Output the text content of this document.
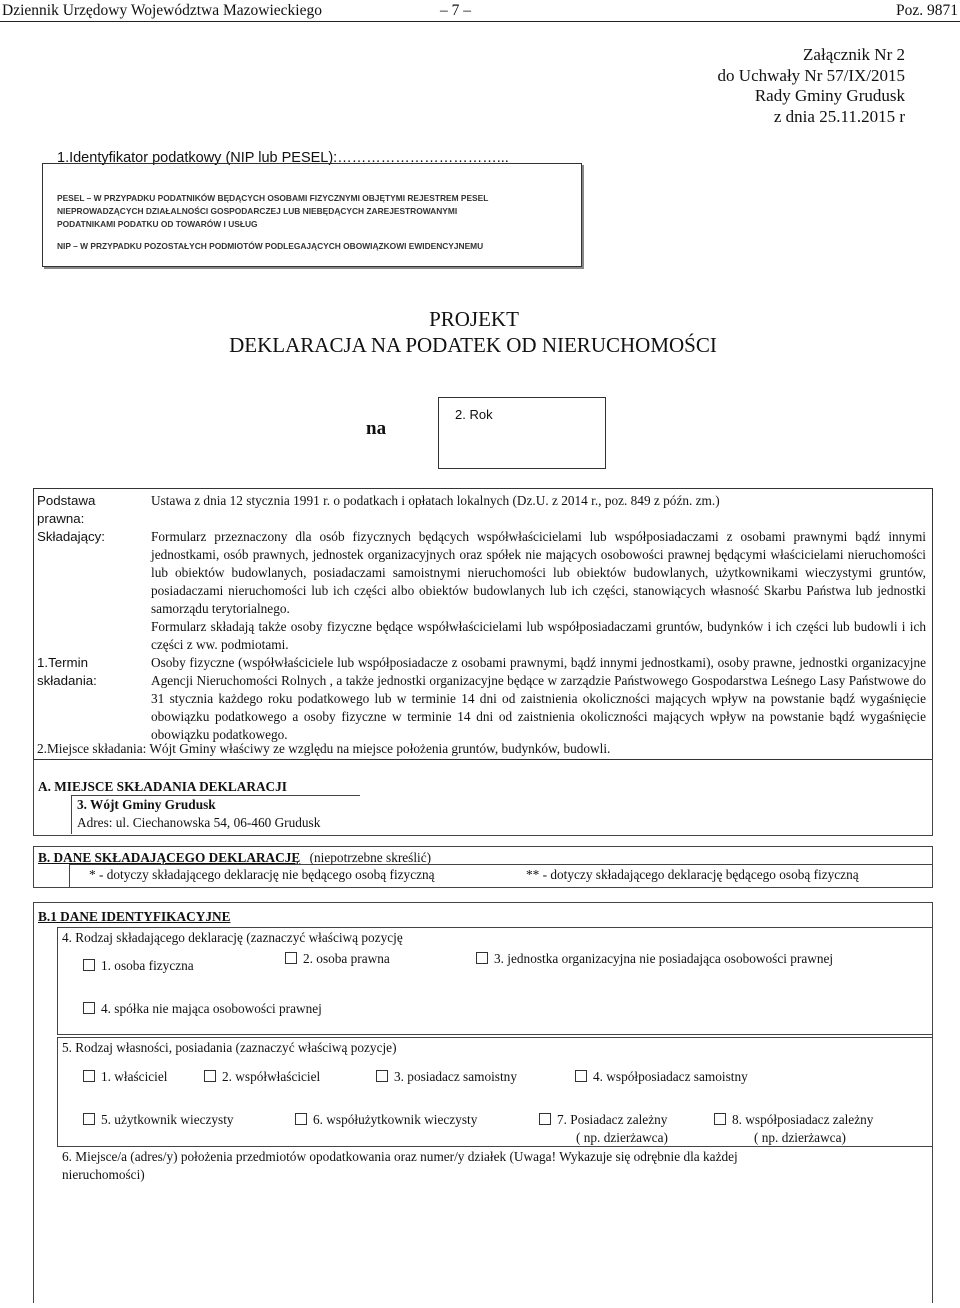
Dziennik Urzędowy Województwa Mazowieckiego	– 7 –	Poz. 9871
Załącznik Nr 2
do Uchwały Nr 57/IX/2015
Rady Gminy Grudusk
z dnia 25.11.2015 r
1.Identyfikator podatkowy (NIP lub PESEL):……………………………...
PESEL – W PRZYPADKU PODATNIKÓW BĘDĄCYCH OSOBAMI FIZYCZNYMI OBJĘTYMI REJESTREM PESEL
NIEPROWADZĄCYCH DZIAŁALNOŚCI GOSPODARCZEJ LUB NIEBĘDĄCYCH ZAREJESTROWANYMI
PODATNIKAMI PODATKU OD TOWARÓW I USŁUG
NIP – W PRZYPADKU POZOSTAŁYCH PODMIOTÓW PODLEGAJĄCYCH OBOWIĄZKOWI EWIDENCYJNEMU
PROJEKT
DEKLARACJA NA PODATEK OD NIERUCHOMOŚCI
na
2. Rok
Podstawa
prawna:
Ustawa z dnia 12 stycznia 1991 r. o podatkach i opłatach lokalnych (Dz.U. z 2014 r., poz. 849 z późn. zm.)
Składający:	Formularz przeznaczony dla osób fizycznych będących współwłaścicielami lub współposiadaczami z osobami prawnymi bądź innymi jednostkami, osób prawnych, jednostek organizacyjnych oraz spółek nie mających osobowości prawnej będącymi właścicielami nieruchomości lub obiektów budowlanych, posiadaczami samoistnymi nieruchomości lub obiektów budowlanych, użytkownikami wieczystymi gruntów, posiadaczami nieruchomości lub ich części albo obiektów budowlanych lub ich części, stanowiących własność Skarbu Państwa lub jednostki samorządu terytorialnego.
Formularz składają także osoby fizyczne będące współwłaścicielami lub współposiadaczami gruntów, budynków i ich części lub budowli i ich części z ww. podmiotami.
1.Termin
składania:
Osoby fizyczne (współwłaściciele lub współposiadacze z osobami prawnymi, bądź innymi jednostkami), osoby prawne, jednostki organizacyjne Agencji Nieruchomości Rolnych , a także jednostki organizacyjne będące w zarządzie Państwowego Gospodarstwa Leśnego Lasy Państwowe do 31 stycznia każdego roku podatkowego lub w terminie 14 dni od zaistnienia okoliczności mających wpływ na powstanie bądź wygaśnięcie obowiązku podatkowego a osoby fizyczne w terminie 14 dni od zaistnienia okoliczności mających wpływ na powstanie bądź wygaśnięcie obowiązku podatkowego.
2.Miejsce składania: Wójt Gminy właściwy ze względu na miejsce położenia gruntów, budynków, budowli.
A. MIEJSCE SKŁADANIA DEKLARACJI
3. Wójt Gminy Grudusk
Adres: ul. Ciechanowska 54, 06-460 Grudusk
B. DANE SKŁADAJĄCEGO DEKLARACJĘ (niepotrzebne skreślić)
* - dotyczy składającego deklarację nie będącego osobą fizyczną	** - dotyczy składającego deklarację będącego osobą fizyczną
B.1 DANE IDENTYFIKACYJNE
4. Rodzaj składającego deklarację (zaznaczyć właściwą pozycję
1. osoba fizyczna	2. osoba prawna	3. jednostka organizacyjna nie posiadająca osobowości prawnej
4. spółka nie mająca osobowości prawnej
5. Rodzaj własności, posiadania (zaznaczyć właściwą pozycje)
1. właściciel	2. współwłaściciel	3. posiadacz samoistny	4. współposiadacz samoistny
5. użytkownik wieczysty	6. współużytkownik wieczysty	7. Posiadacz zależny	8. współposiadacz zależny
( np. dzierżawca)	( np. dzierżawca)
6. Miejsce/a (adres/y) położenia przedmiotów opodatkowania oraz numer/y działek (Uwaga! Wykazuje się odrębnie dla każdej
nieruchomości)
